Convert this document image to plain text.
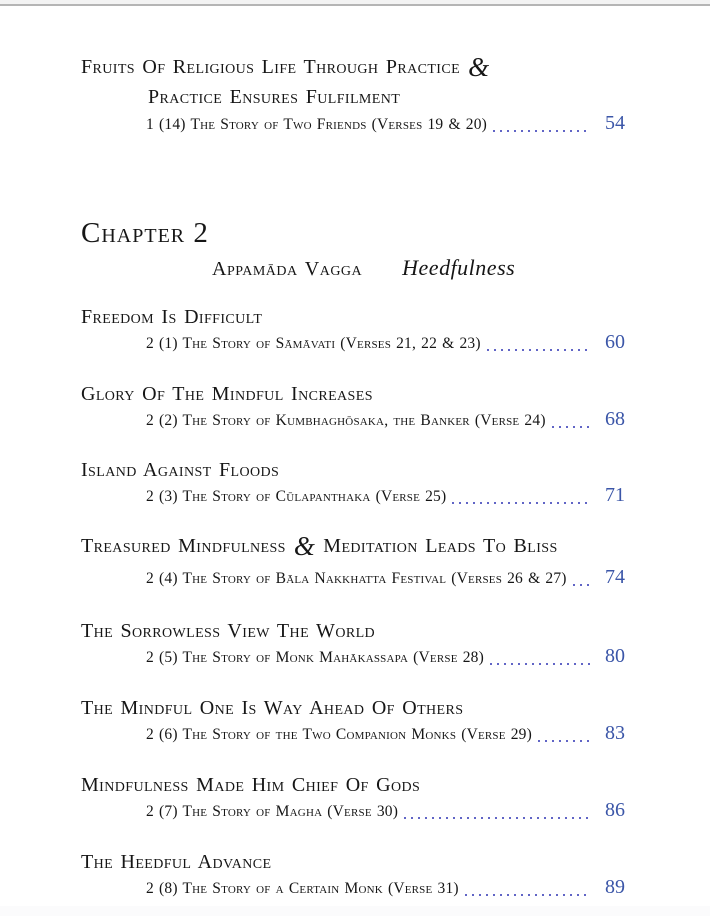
Fruits Of Religious Life Through Practice &
Practice Ensures Fulfilment
1 (14) The Story of Two Friends (Verses 19 & 20)	54
Chapter 2
Appamāda Vagga Heedfulness
Freedom Is Difficult
2 (1) The Story of Sāmāvati (Verses 21, 22 & 23)	60
Glory Of The Mindful Increases
2 (2) The Story of Kumbhaghōsaka, the Banker (Verse 24)	68
Island Against Floods
2 (3) The Story of Cūlapanthaka (Verse 25)	71
Treasured Mindfulness & Meditation Leads To Bliss
2 (4) The Story of Bāla Nakkhatta Festival (Verses 26 & 27)	74
The Sorrowless View The World
2 (5) The Story of Monk Mahākassapa (Verse 28)	80
The Mindful One Is Way Ahead Of Others
2 (6) The Story of the Two Companion Monks (Verse 29)	83
Mindfulness Made Him Chief Of Gods
2 (7) The Story of Magha (Verse 30)	86
The Heedful Advance
2 (8) The Story of a Certain Monk (Verse 31)	89
